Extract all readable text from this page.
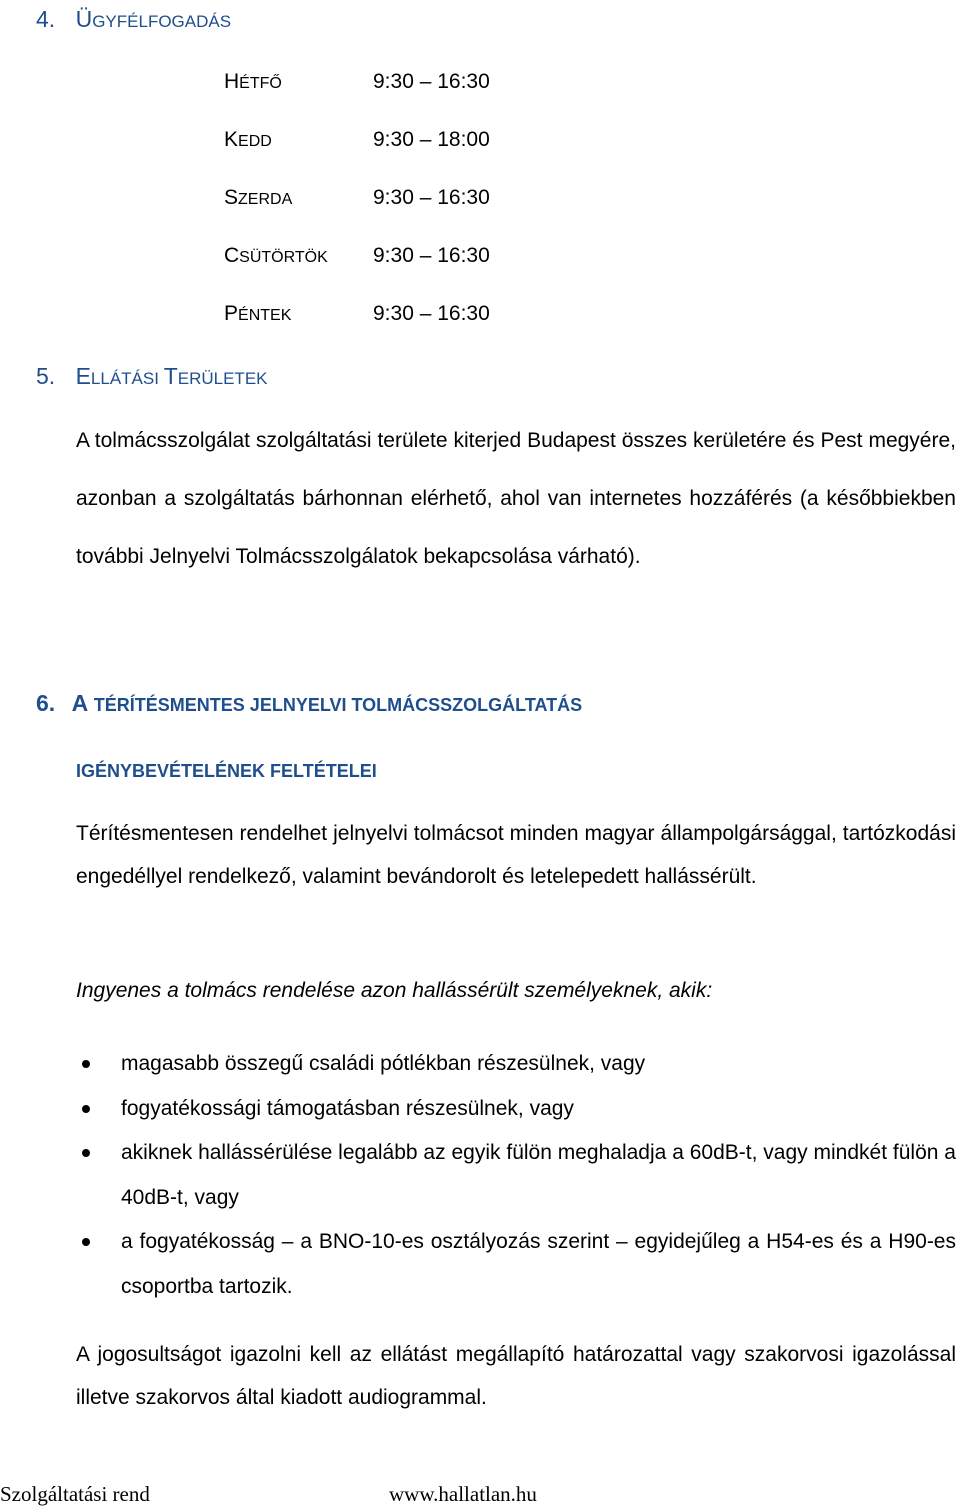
4. ÜGYFÉLFOGADÁS
HÉTFŐ	9:30 – 16:30
KEDD	9:30 – 18:00
SZERDA	9:30 – 16:30
CSÜTÖRTÖK 9:30 – 16:30
PÉNTEK	9:30 – 16:30
5. ELLÁTÁSI TERÜLETEK
A tolmácsszolgálat szolgáltatási területe kiterjed Budapest összes kerületére és Pest megyére, azonban a szolgáltatás bárhonnan elérhető, ahol van internetes hozzáférés (a későbbiekben további Jelnyelvi Tolmácsszolgálatok bekapcsolása várható).
6. A TÉRÍTÉSMENTES JELNYELVI TOLMÁCSSZOLGÁLTATÁS
IGÉNYBEVÉTELÉNEK FELTÉTELEI
Térítésmentesen rendelhet jelnyelvi tolmácsot minden magyar állampolgársággal, tartózkodási engedéllyel rendelkező, valamint bevándorolt és letelepedett hallássérült.
Ingyenes a tolmács rendelése azon hallássérült személyeknek, akik:
magasabb összegű családi pótlékban részesülnek, vagy
fogyatékossági támogatásban részesülnek, vagy
akiknek hallássérülése legalább az egyik fülön meghaladja a 60dB-t, vagy mindkét fülön a 40dB-t, vagy
a fogyatékosság – a BNO-10-es osztályozás szerint – egyidejűleg a H54-es és a H90-es csoportba tartozik.
A jogosultságot igazolni kell az ellátást megállapító határozattal vagy szakorvosi igazolással illetve szakorvos által kiadott audiogrammal.
Szolgáltatási rend	www.hallatlan.hu
